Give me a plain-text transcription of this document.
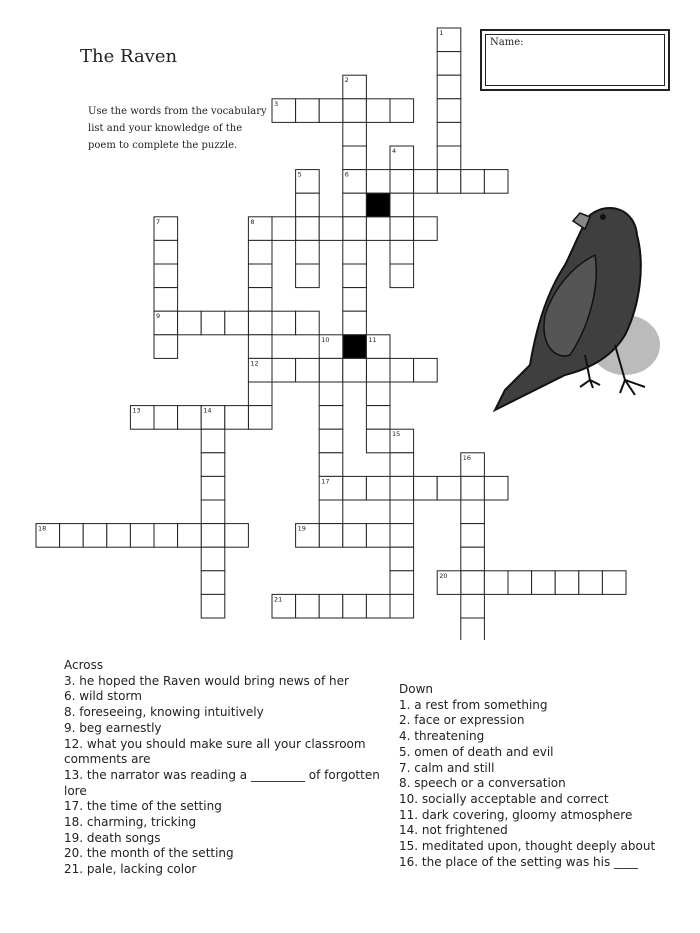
The Raven
Use the words from the vocabulary list and your knowledge of the poem to complete the puzzle.
Name:
1
2
3
4
5	6
7	8
9
10	11
12
13	14
15
16
17
18	19
20
21
Across
3. he hoped the Raven would bring news of her
6. wild storm
8. foreseeing, knowing intuitively
9. beg earnestly
12. what you should make sure all your classroom comments are
13. the narrator was reading a _________ of forgotten lore
17. the time of the setting
18. charming, tricking
19. death songs
20. the month of the setting
21. pale, lacking color
Down
1. a rest from something
2. face or expression
4. threatening
5. omen of death and evil
7. calm and still
8. speech or a conversation
10. socially acceptable and correct
11. dark covering, gloomy atmosphere
14. not frightened
15. meditated upon, thought deeply about
16. the place of the setting was his ____
